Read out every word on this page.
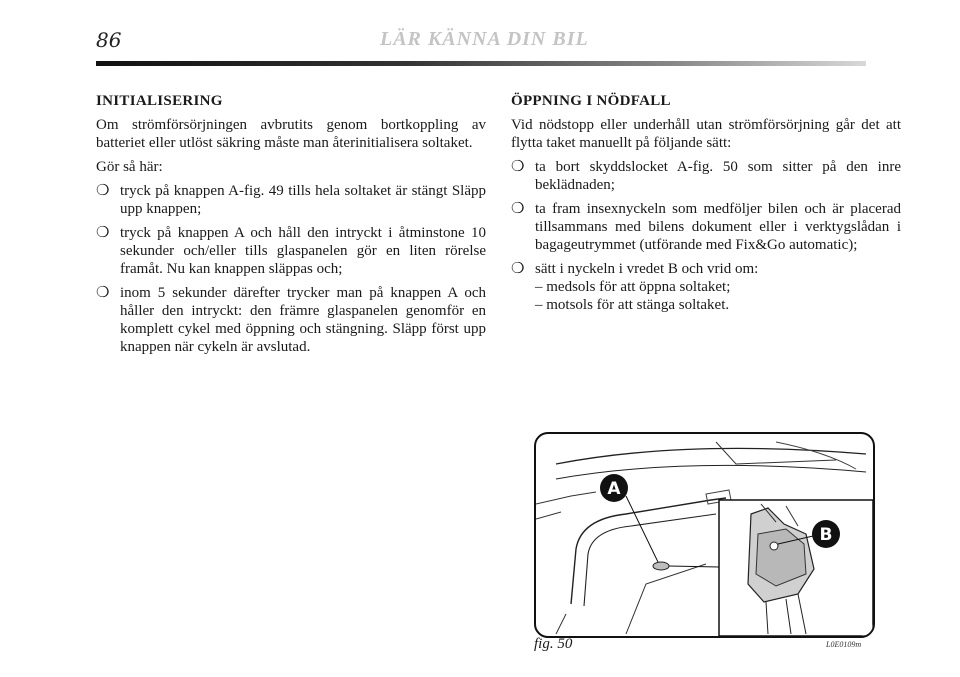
86	LÄR KÄNNA DIN BIL
INITIALISERING

Om strömförsörjningen avbrutits genom bortkoppling av batteriet eller utlöst säkring måste man återinitialisera soltaket.

Gör så här:

❍ tryck på knappen A-fig. 49 tills hela soltaket är stängt Släpp upp knappen;
❍ tryck på knappen A och håll den intryckt i åtminstone 10 sekunder och/eller tills glaspanelen gör en liten rörelse framåt. Nu kan knappen släppas och;
❍ inom 5 sekunder därefter trycker man på knappen A och håller den intryckt: den främre glaspanelen genomför en komplett cykel med öppning och stängning. Släpp först upp knappen när cykeln är avslutad.
ÖPPNING I NÖDFALL

Vid nödstopp eller underhåll utan strömförsörjning går det att flytta taket manuellt på följande sätt:

❍ ta bort skyddslocket A-fig. 50 som sitter på den inre beklädnaden;
❍ ta fram insexnyckeln som medföljer bilen och är placerad tillsammans med bilens dokument eller i verktygslådan i bagageutrymmet (utförande med Fix&Go automatic);
❍ sätt i nyckeln i vredet B och vrid om:
– medsols för att öppna soltaket;
– motsols för att stänga soltaket.
A
B
fig. 50	L0E0109m
